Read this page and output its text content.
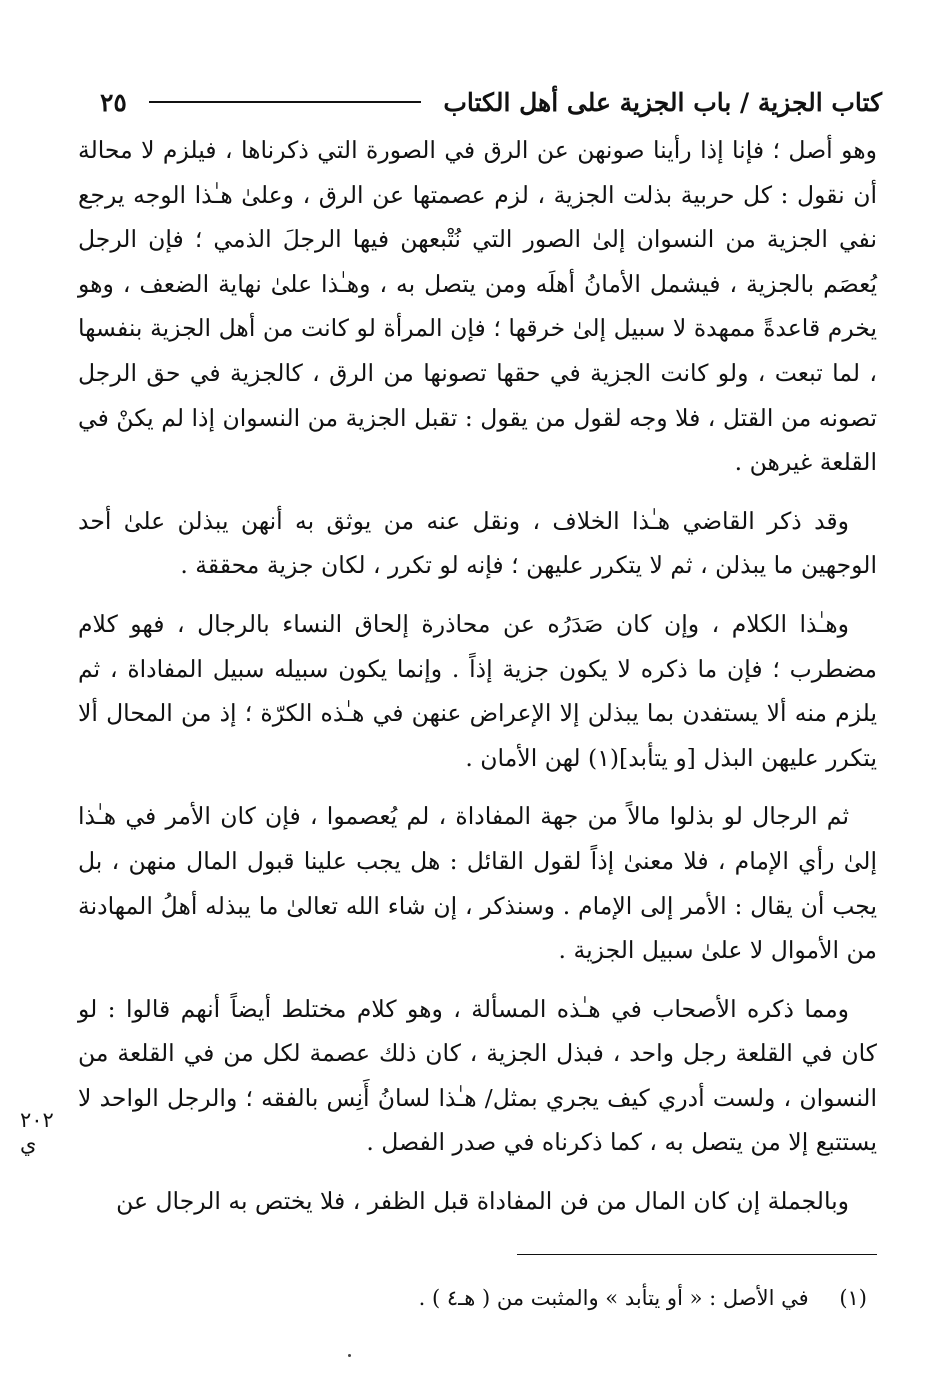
كتاب الجزية / باب الجزية على أهل الكتاب
٢٥

وهو أصل ؛ فإنا إذا رأينا صونهن عن الرق في الصورة التي ذكرناها ، فيلزم لا محالة أن نقول : كل حربية بذلت الجزية ، لزم عصمتها عن الرق ، وعلىٰ هـٰذا الوجه يرجع نفي الجزية من النسوان إلىٰ الصور التي نُتْبعهن فيها الرجلَ الذمي ؛ فإن الرجل يُعصَم بالجزية ، فيشمل الأمانُ أهلَه ومن يتصل به ، وهـٰذا علىٰ نهاية الضعف ، وهو يخرم قاعدةً ممهدة لا سبيل إلىٰ خرقها ؛ فإن المرأة لو كانت من أهل الجزية بنفسها ، لما تبعت ، ولو كانت الجزية في حقها تصونها من الرق ، كالجزية في حق الرجل تصونه من القتل ، فلا وجه لقول من يقول : تقبل الجزية من النسوان إذا لم يكنْ في القلعة غيرهن .

وقد ذكر القاضي هـٰذا الخلاف ، ونقل عنه من يوثق به أنهن يبذلن علىٰ أحد الوجهين ما يبذلن ، ثم لا يتكرر عليهن ؛ فإنه لو تكرر ، لكان جزية محققة .

وهـٰذا الكلام ، وإن كان صَدَرُه عن محاذرة إلحاق النساء بالرجال ، فهو كلام مضطرب ؛ فإن ما ذكره لا يكون جزية إذاً . وإنما يكون سبيله سبيل المفاداة ، ثم يلزم منه ألا يستفدن بما يبذلن إلا الإعراض عنهن في هـٰذه الكرّة ؛ إذ من المحال ألا يتكرر عليهن البذل [و يتأبد](١) لهن الأمان .

ثم الرجال لو بذلوا مالاً من جهة المفاداة ، لم يُعصموا ، فإن كان الأمر في هـٰذا إلىٰ رأي الإمام ، فلا معنىٰ إذاً لقول القائل : هل يجب علينا قبول المال منهن ، بل يجب أن يقال : الأمر إلى الإمام . وسنذكر ، إن شاء الله تعالىٰ ما يبذله أهلُ المهادنة من الأموال لا علىٰ سبيل الجزية .

ومما ذكره الأصحاب في هـٰذه المسألة ، وهو كلام مختلط أيضاً أنهم قالوا : لو كان في القلعة رجل واحد ، فبذل الجزية ، كان ذلك عصمة لكل من في القلعة من النسوان ، ولست أدري كيف يجري بمثل/ هـٰذا لسانُ أَنِس بالفقه ؛ والرجل الواحد لا يستتبع إلا من يتصل به ، كما ذكرناه في صدر الفصل .

وبالجملة إن كان المال من فن المفاداة قبل الظفر ، فلا يختص به الرجال عن

٢٠٢ ي
(١) في الأصل : « أو يتأبد » والمثبت من ( هـ٤ ) .
